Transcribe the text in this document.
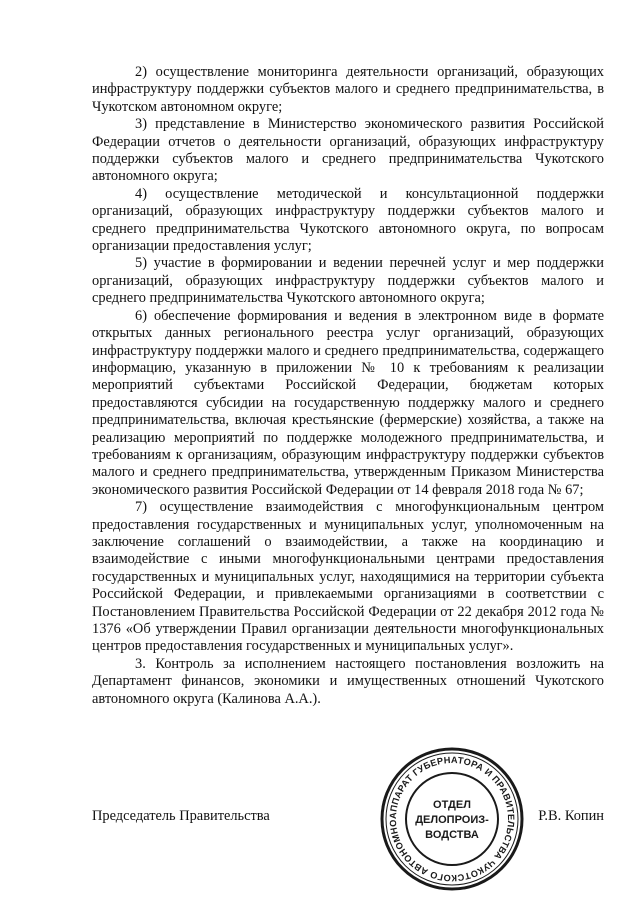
2) осуществление мониторинга деятельности организаций, образующих инфраструктуру поддержки субъектов малого и среднего предпринимательства, в Чукотском автономном округе;

3) представление в Министерство экономического развития Российской Федерации отчетов о деятельности организаций, образующих инфраструктуру поддержки субъектов малого и среднего предпринимательства Чукотского автономного округа;

4) осуществление методической и консультационной поддержки организаций, образующих инфраструктуру поддержки субъектов малого и среднего предпринимательства Чукотского автономного округа, по вопросам организации предоставления услуг;

5) участие в формировании и ведении перечней услуг и мер поддержки организаций, образующих инфраструктуру поддержки субъектов малого и среднего предпринимательства Чукотского автономного округа;

6) обеспечение формирования и ведения в электронном виде в формате открытых данных регионального реестра услуг организаций, образующих инфраструктуру поддержки малого и среднего предпринимательства, содержащего информацию, указанную в приложении № 10 к требованиям к реализации мероприятий субъектами Российской Федерации, бюджетам которых предоставляются субсидии на государственную поддержку малого и среднего предпринимательства, включая крестьянские (фермерские) хозяйства, а также на реализацию мероприятий по поддержке молодежного предпринимательства, и требованиям к организациям, образующим инфраструктуру поддержки субъектов малого и среднего предпринимательства, утвержденным Приказом Министерства экономического развития Российской Федерации от 14 февраля 2018 года № 67;

7) осуществление взаимодействия с многофункциональным центром предоставления государственных и муниципальных услуг, уполномоченным на заключение соглашений о взаимодействии, а также на координацию и взаимодействие с иными многофункциональными центрами предоставления государственных и муниципальных услуг, находящимися на территории субъекта Российской Федерации, и привлекаемыми организациями в соответствии с Постановлением Правительства Российской Федерации от 22 декабря 2012 года № 1376 «Об утверждении Правил организации деятельности многофункциональных центров предоставления государственных и муниципальных услуг».

3. Контроль за исполнением настоящего постановления возложить на Департамент финансов, экономики и имущественных отношений Чукотского автономного округа (Калинова А.А.).

Председатель Правительства	Р.В. Копин
АППАРАТ ГУБЕРНАТОРА И ПРАВИТЕЛЬСТВА ЧУКОТСКОГО АВТОНОМНО
ОТДЕЛ
ДЕЛОПРОИЗ-
ВОДСТВА
